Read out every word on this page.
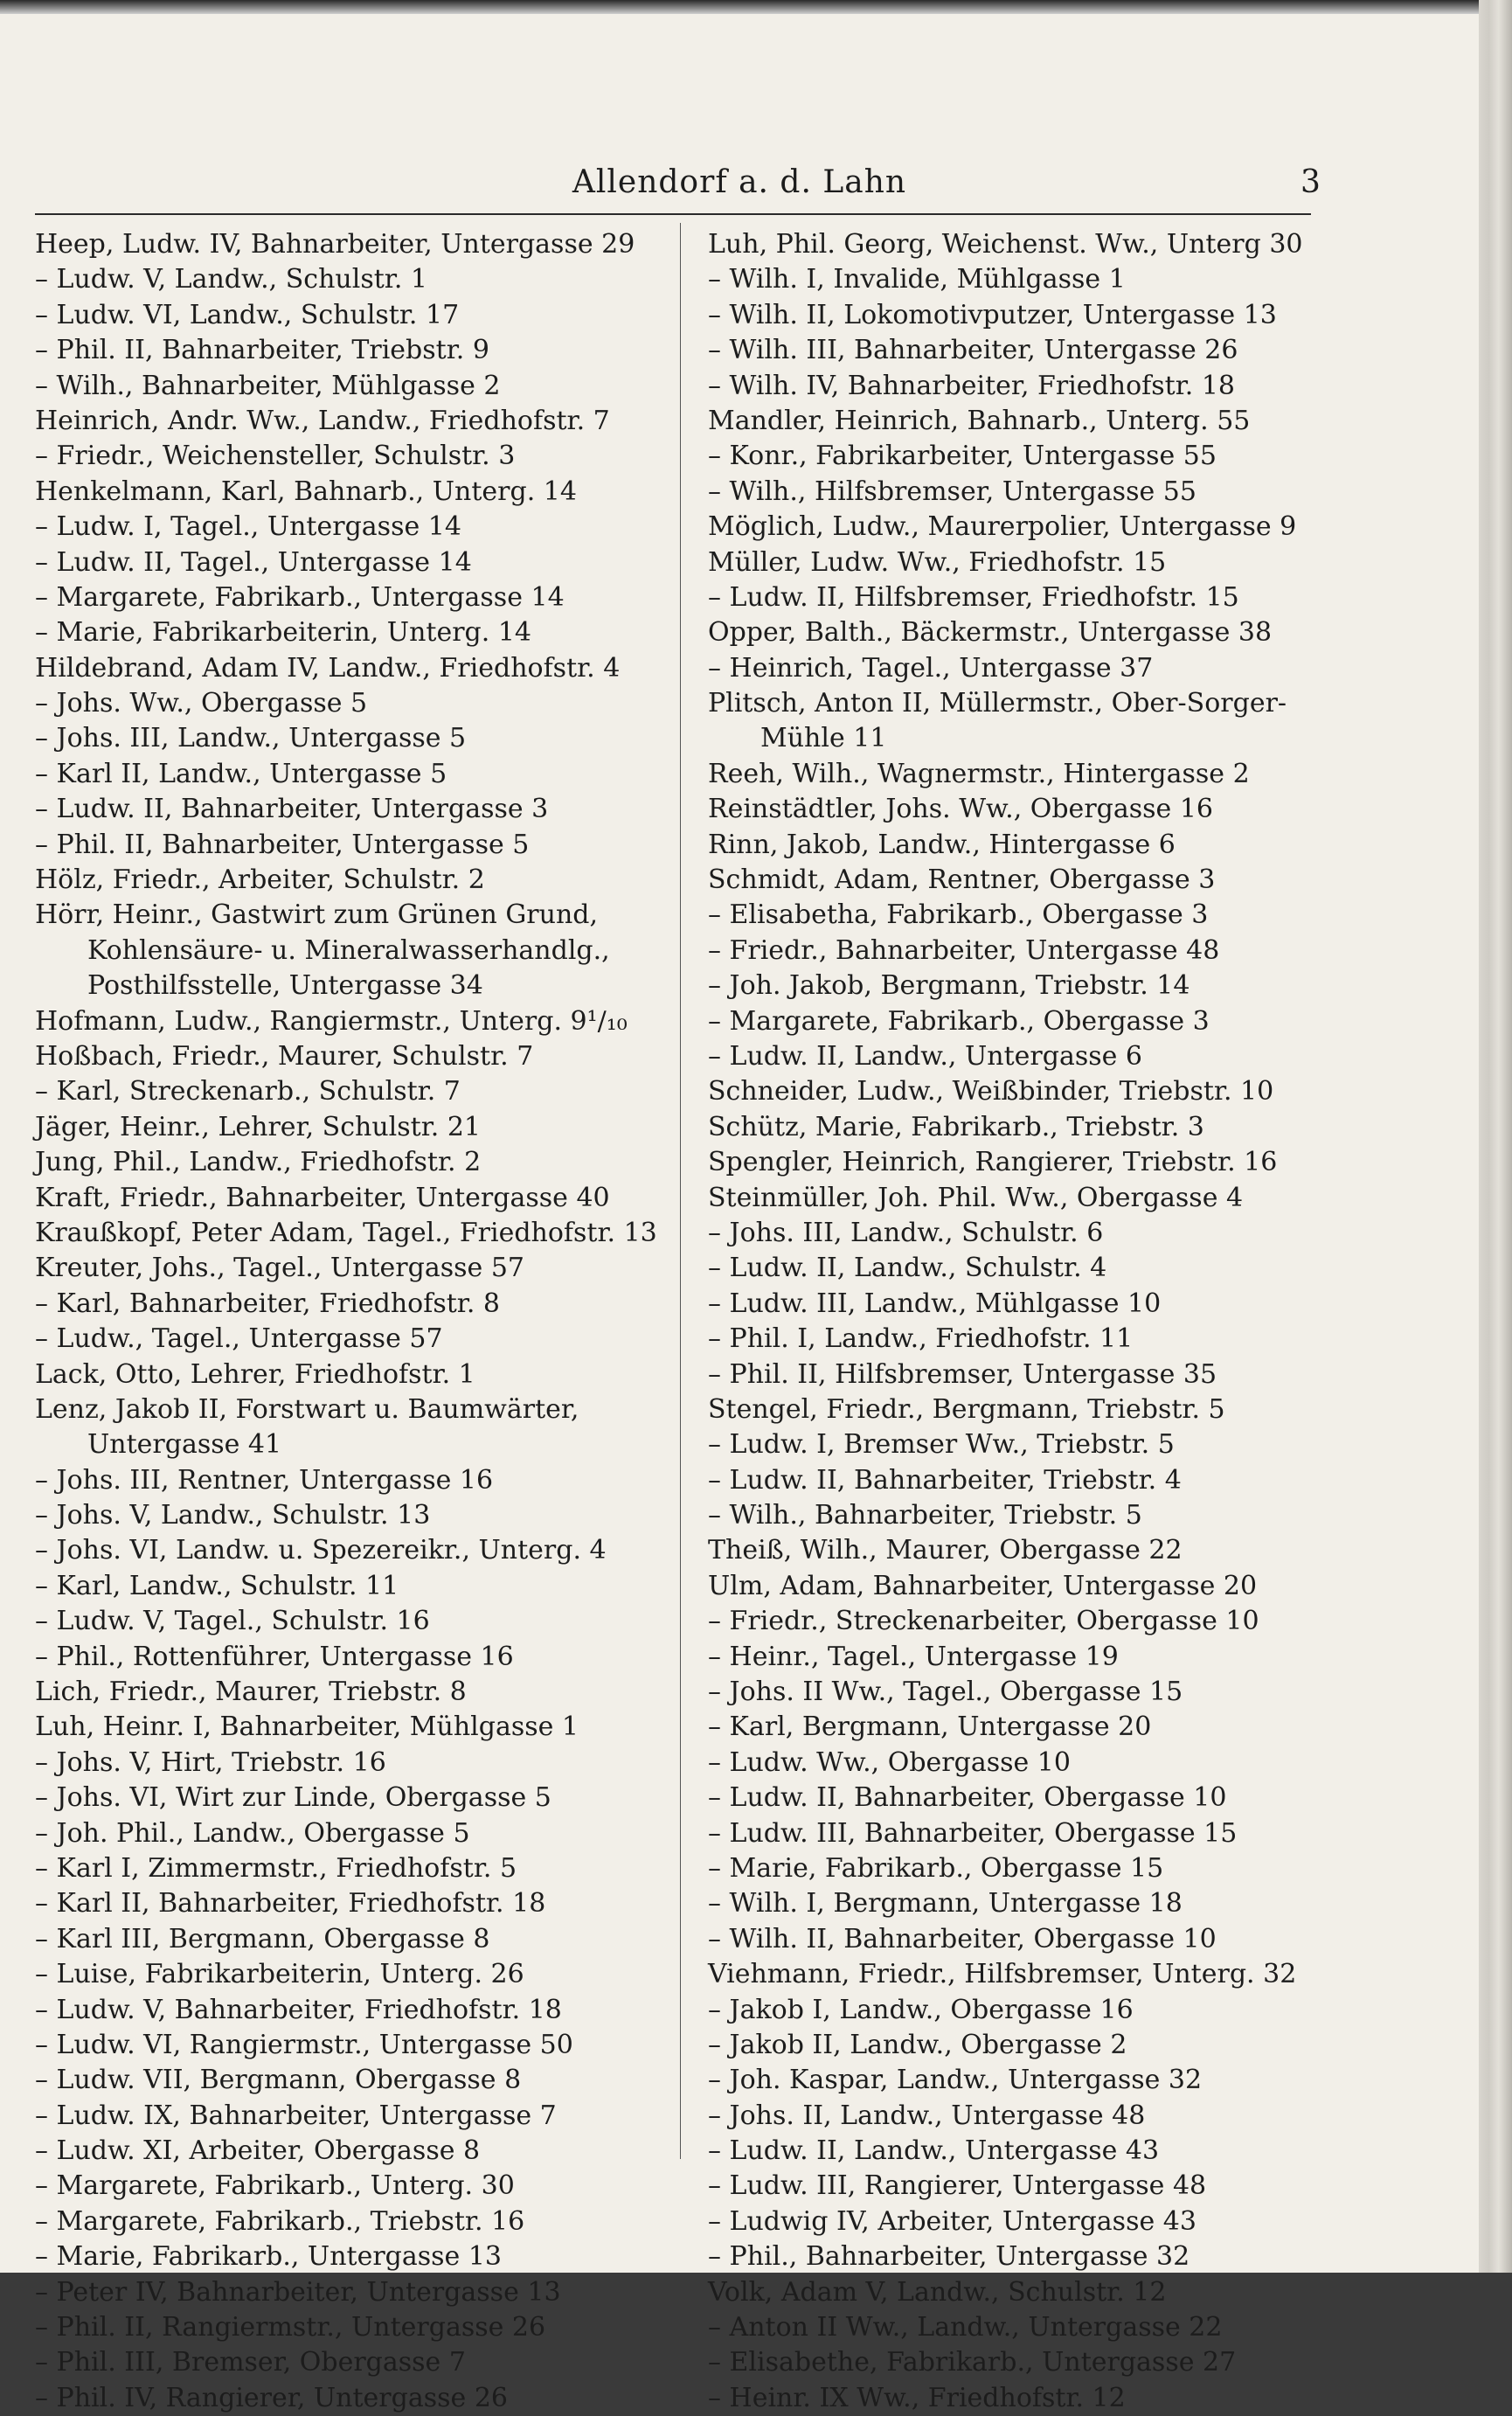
Allendorf a. d. Lahn	3
Heep, Ludw. IV, Bahnarbeiter, Untergasse 29
– Ludw. V, Landw., Schulstr. 1
– Ludw. VI, Landw., Schulstr. 17
– Phil. II, Bahnarbeiter, Triebstr. 9
– Wilh., Bahnarbeiter, Mühlgasse 2
Heinrich, Andr. Ww., Landw., Friedhofstr. 7
– Friedr., Weichensteller, Schulstr. 3
Henkelmann, Karl, Bahnarb., Unterg. 14
– Ludw. I, Tagel., Untergasse 14
– Ludw. II, Tagel., Untergasse 14
– Margarete, Fabrikarb., Untergasse 14
– Marie, Fabrikarbeiterin, Unterg. 14
Hildebrand, Adam IV, Landw., Friedhofstr. 4
– Johs. Ww., Obergasse 5
– Johs. III, Landw., Untergasse 5
– Karl II, Landw., Untergasse 5
– Ludw. II, Bahnarbeiter, Untergasse 3
– Phil. II, Bahnarbeiter, Untergasse 5
Hölz, Friedr., Arbeiter, Schulstr. 2
Hörr, Heinr., Gastwirt zum Grünen Grund,
Kohlensäure- u. Mineralwasserhandlg.,
Posthilfsstelle, Untergasse 34
Hofmann, Ludw., Rangiermstr., Unterg. 9¹/₁₀
Hoßbach, Friedr., Maurer, Schulstr. 7
– Karl, Streckenarb., Schulstr. 7
Jäger, Heinr., Lehrer, Schulstr. 21
Jung, Phil., Landw., Friedhofstr. 2
Kraft, Friedr., Bahnarbeiter, Untergasse 40
Kraußkopf, Peter Adam, Tagel., Friedhofstr. 13
Kreuter, Johs., Tagel., Untergasse 57
– Karl, Bahnarbeiter, Friedhofstr. 8
– Ludw., Tagel., Untergasse 57
Lack, Otto, Lehrer, Friedhofstr. 1
Lenz, Jakob II, Forstwart u. Baumwärter,
Untergasse 41
– Johs. III, Rentner, Untergasse 16
– Johs. V, Landw., Schulstr. 13
– Johs. VI, Landw. u. Spezereikr., Unterg. 4
– Karl, Landw., Schulstr. 11
– Ludw. V, Tagel., Schulstr. 16
– Phil., Rottenführer, Untergasse 16
Lich, Friedr., Maurer, Triebstr. 8
Luh, Heinr. I, Bahnarbeiter, Mühlgasse 1
– Johs. V, Hirt, Triebstr. 16
– Johs. VI, Wirt zur Linde, Obergasse 5
– Joh. Phil., Landw., Obergasse 5
– Karl I, Zimmermstr., Friedhofstr. 5
– Karl II, Bahnarbeiter, Friedhofstr. 18
– Karl III, Bergmann, Obergasse 8
– Luise, Fabrikarbeiterin, Unterg. 26
– Ludw. V, Bahnarbeiter, Friedhofstr. 18
– Ludw. VI, Rangiermstr., Untergasse 50
– Ludw. VII, Bergmann, Obergasse 8
– Ludw. IX, Bahnarbeiter, Untergasse 7
– Ludw. XI, Arbeiter, Obergasse 8
– Margarete, Fabrikarb., Unterg. 30
– Margarete, Fabrikarb., Triebstr. 16
– Marie, Fabrikarb., Untergasse 13
– Peter IV, Bahnarbeiter, Untergasse 13
– Phil. II, Rangiermstr., Untergasse 26
– Phil. III, Bremser, Obergasse 7
– Phil. IV, Rangierer, Untergasse 26
Luh, Phil. Georg, Weichenst. Ww., Unterg 30
– Wilh. I, Invalide, Mühlgasse 1
– Wilh. II, Lokomotivputzer, Untergasse 13
– Wilh. III, Bahnarbeiter, Untergasse 26
– Wilh. IV, Bahnarbeiter, Friedhofstr. 18
Mandler, Heinrich, Bahnarb., Unterg. 55
– Konr., Fabrikarbeiter, Untergasse 55
– Wilh., Hilfsbremser, Untergasse 55
Möglich, Ludw., Maurerpolier, Untergasse 9
Müller, Ludw. Ww., Friedhofstr. 15
– Ludw. II, Hilfsbremser, Friedhofstr. 15
Opper, Balth., Bäckermstr., Untergasse 38
– Heinrich, Tagel., Untergasse 37
Plitsch, Anton II, Müllermstr., Ober-Sorger-
Mühle 11
Reeh, Wilh., Wagnermstr., Hintergasse 2
Reinstädtler, Johs. Ww., Obergasse 16
Rinn, Jakob, Landw., Hintergasse 6
Schmidt, Adam, Rentner, Obergasse 3
– Elisabetha, Fabrikarb., Obergasse 3
– Friedr., Bahnarbeiter, Untergasse 48
– Joh. Jakob, Bergmann, Triebstr. 14
– Margarete, Fabrikarb., Obergasse 3
– Ludw. II, Landw., Untergasse 6
Schneider, Ludw., Weißbinder, Triebstr. 10
Schütz, Marie, Fabrikarb., Triebstr. 3
Spengler, Heinrich, Rangierer, Triebstr. 16
Steinmüller, Joh. Phil. Ww., Obergasse 4
– Johs. III, Landw., Schulstr. 6
– Ludw. II, Landw., Schulstr. 4
– Ludw. III, Landw., Mühlgasse 10
– Phil. I, Landw., Friedhofstr. 11
– Phil. II, Hilfsbremser, Untergasse 35
Stengel, Friedr., Bergmann, Triebstr. 5
– Ludw. I, Bremser Ww., Triebstr. 5
– Ludw. II, Bahnarbeiter, Triebstr. 4
– Wilh., Bahnarbeiter, Triebstr. 5
Theiß, Wilh., Maurer, Obergasse 22
Ulm, Adam, Bahnarbeiter, Untergasse 20
– Friedr., Streckenarbeiter, Obergasse 10
– Heinr., Tagel., Untergasse 19
– Johs. II Ww., Tagel., Obergasse 15
– Karl, Bergmann, Untergasse 20
– Ludw. Ww., Obergasse 10
– Ludw. II, Bahnarbeiter, Obergasse 10
– Ludw. III, Bahnarbeiter, Obergasse 15
– Marie, Fabrikarb., Obergasse 15
– Wilh. I, Bergmann, Untergasse 18
– Wilh. II, Bahnarbeiter, Obergasse 10
Viehmann, Friedr., Hilfsbremser, Unterg. 32
– Jakob I, Landw., Obergasse 16
– Jakob II, Landw., Obergasse 2
– Joh. Kaspar, Landw., Untergasse 32
– Johs. II, Landw., Untergasse 48
– Ludw. II, Landw., Untergasse 43
– Ludw. III, Rangierer, Untergasse 48
– Ludwig IV, Arbeiter, Untergasse 43
– Phil., Bahnarbeiter, Untergasse 32
Volk, Adam V, Landw., Schulstr. 12
– Anton II Ww., Landw., Untergasse 22
– Elisabethe, Fabrikarb., Untergasse 27
– Heinr. IX Ww., Friedhofstr. 12
